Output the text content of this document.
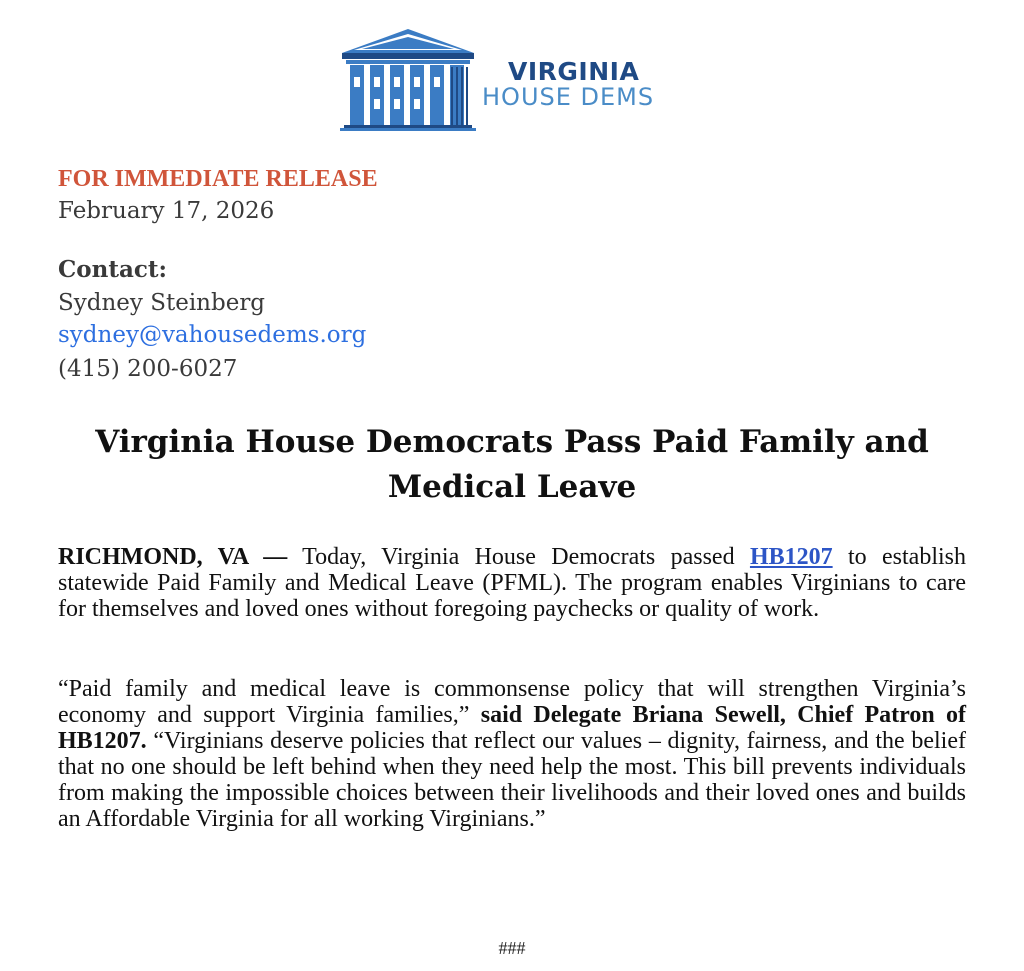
VIRGINIA
HOUSE DEMS
FOR IMMEDIATE RELEASE
February 17, 2026
Contact:
Sydney Steinberg
sydney@vahousedems.org
(415) 200-6027
Virginia House Democrats Pass Paid Family and Medical Leave

RICHMOND, VA — Today, Virginia House Democrats passed HB1207 to establish statewide Paid Family and Medical Leave (PFML). The program enables Virginians to care for themselves and loved ones without foregoing paychecks or quality of work.

“Paid family and medical leave is commonsense policy that will strengthen Virginia’s economy and support Virginia families,” said Delegate Briana Sewell, Chief Patron of HB1207. “Virginians deserve policies that reflect our values – dignity, fairness, and the belief that no one should be left behind when they need help the most. This bill prevents individuals from making the impossible choices between their livelihoods and their loved ones and builds an Affordable Virginia for all working Virginians.”

###
